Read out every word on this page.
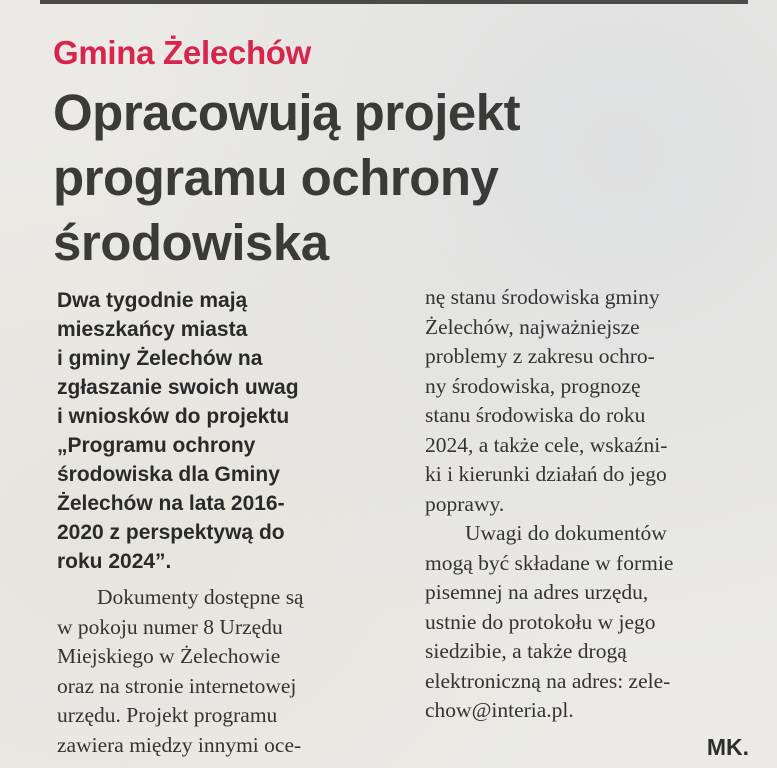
Gmina Żelechów
Opracowują projekt
programu ochrony
środowiska
Dwa tygodnie mają
mieszkańcy miasta
i gminy Żelechów na
zgłaszanie swoich uwag
i wniosków do projektu
„Programu ochrony
środowiska dla Gminy
Żelechów na lata 2016-
2020 z perspektywą do
roku 2024”.
Dokumenty dostępne są
w pokoju numer 8 Urzędu
Miejskiego w Żelechowie
oraz na stronie internetowej
urzędu. Projekt programu
zawiera między innymi oce-
nę stanu środowiska gminy
Żelechów, najważniejsze
problemy z zakresu ochro-
ny środowiska, prognozę
stanu środowiska do roku
2024, a także cele, wskaźni-
ki i kierunki działań do jego
poprawy.
Uwagi do dokumentów
mogą być składane w formie
pisemnej na adres urzędu,
ustnie do protokołu w jego
siedzibie, a także drogą
elektroniczną na adres: zele-
chow@interia.pl.
MK.
